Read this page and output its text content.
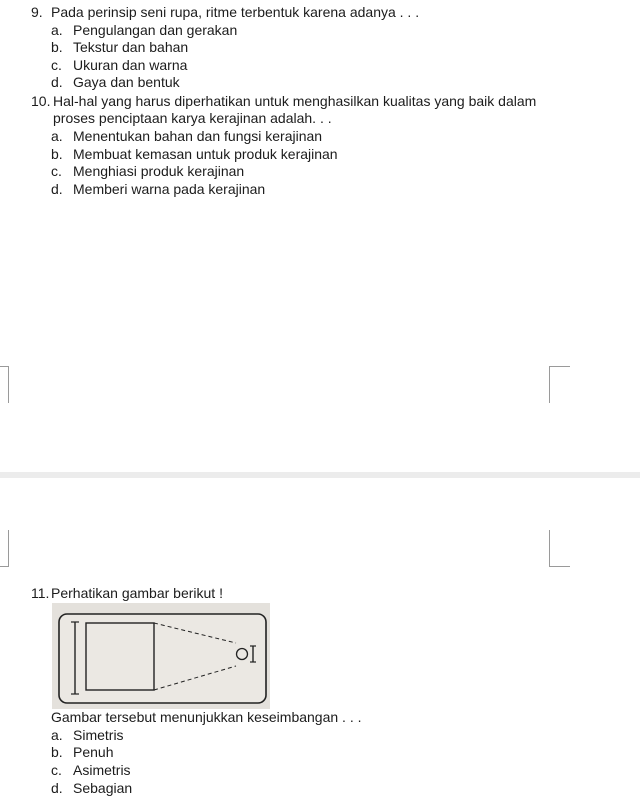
9. Pada perinsip seni rupa, ritme terbentuk karena adanya . . .
a. Pengulangan dan gerakan
b. Tekstur dan bahan
c. Ukuran dan warna
d. Gaya dan bentuk
10. Hal-hal yang harus diperhatikan untuk menghasilkan kualitas yang baik dalam
proses penciptaan karya kerajinan adalah. . .
a. Menentukan bahan dan fungsi kerajinan
b. Membuat kemasan untuk produk kerajinan
c. Menghiasi produk kerajinan
d. Memberi warna pada kerajinan
11. Perhatikan gambar berikut !
Gambar tersebut menunjukkan keseimbangan . . .
a. Simetris
b. Penuh
c. Asimetris
d. Sebagian
